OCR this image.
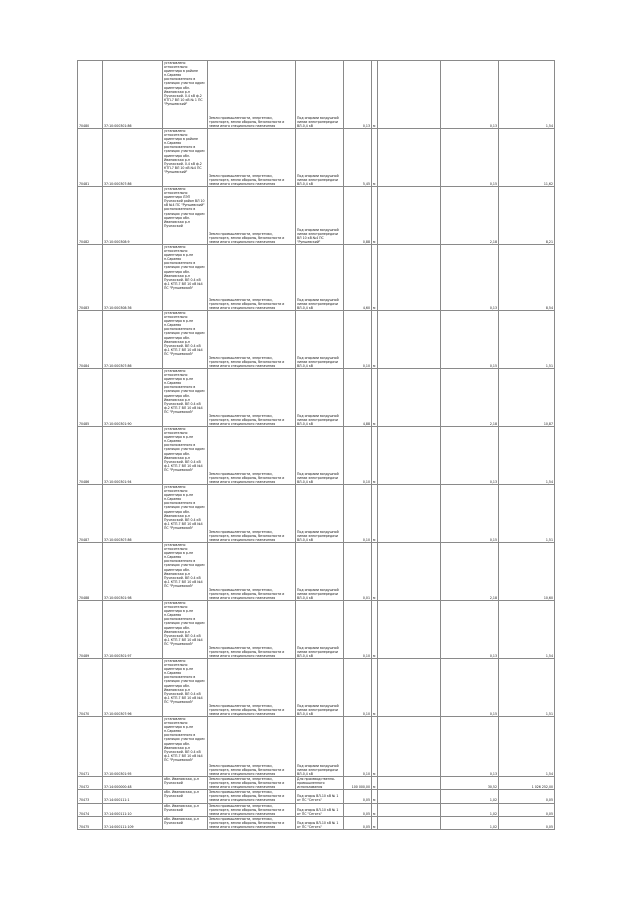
70480	37:10:000301:86	установлено относительно ориентира в районе п.Сараево расположенного в границах участка адрес ориентира обл. Ивановская р-н Пучежский. 0.4 кВ ф.2 КТП-7 ВЛ 10 кВ № 1 ПС "Рупшевский"	Земли промышленности, энергетики, транспорта, земли обороны, безопасности и земли иного специального назначения	Под опорами воздушной линии электропередачи ВЛ-0,4 кВ	0,13	м		0,13	1,54
70481	37:10:000307:86	установлено относительно ориентира в районе п.Сараево расположенного в границах участка адрес ориентира обл. Ивановская р-н Пучежский. 0.4 кВ ф.2 КТП-7 ВЛ 10 кВ №4 ПС "Рупшевский"	Земли промышленности, энергетики, транспорта, земли обороны, безопасности и земли иного специального назначения	Под опорами воздушной линии электропередачи ВЛ-0,4 кВ	5,45	м		0,15	11,62
70482	37:10:000308:9	установлено относительно ориентира ЛЭП Пучежский район ВЛ 10 кВ №4 ПС "Рупшевский" расположенного в границах участка адрес ориентира обл. Ивановская р-н Пучежский	Земли промышленности, энергетики, транспорта, земли обороны, безопасности и земли иного специального назначения	Под опорами воздушной линии электропередачи ВЛ 10 кВ №4 ПС "Рупшевский"	0,88	м		2,18	8,21
70483	37:10:000308:36	установлено относительно ориентира в р-не п.Сараево расположенного в границах участка адрес ориентира обл. Ивановская р-н Пучежский. ВЛ 0.4 кВ ф.1 КТП-7 ВЛ 10 кВ №4 ПС "Рупшевский"	Земли промышленности, энергетики, транспорта, земли обороны, безопасности и земли иного специального назначения	Под опорами воздушной линии электропередачи ВЛ-0,4 кВ	4,60	м		0,13	8,54
70484	37:10:000307:86	установлено относительно ориентира в р-не п.Сараево расположенного в границах участка адрес ориентира обл. Ивановская р-н Пучежский. ВЛ 0.4 кВ ф.1 КТП-7 ВЛ 10 кВ №4 ПС "Рупшевский"	Земли промышленности, энергетики, транспорта, земли обороны, безопасности и земли иного специального назначения	Под опорами воздушной линии электропередачи ВЛ-0,4 кВ	0,10	м		0,15	1,51
70485	37:10:000301:90	установлено относительно ориентира в р-не п.Сараево расположенного в границах участка адрес ориентира обл. Ивановская р-н Пучежский. ВЛ 0.4 кВ ф.2 КТП-7 ВЛ 10 кВ №4 ПС "Рупшевский"	Земли промышленности, энергетики, транспорта, земли обороны, безопасности и земли иного специального назначения	Под опорами воздушной линии электропередачи ВЛ-0,4 кВ	4,88	м		2,18	10,87
70486	37:10:000301:94	установлено относительно ориентира в р-не п.Сараево расположенного в границах участка адрес ориентира обл. Ивановская р-н Пучежский. ВЛ 0.4 кВ ф.1 КТП-7 ВЛ 10 кВ №4 ПС "Рупшевский"	Земли промышленности, энергетики, транспорта, земли обороны, безопасности и земли иного специального назначения	Под опорами воздушной линии электропередачи ВЛ-0,4 кВ	0,10	м		0,13	1,54
70487	37:10:000307:86	установлено относительно ориентира в р-не п.Сараево расположенного в границах участка адрес ориентира обл. Ивановская р-н Пучежский. ВЛ 0.4 кВ ф.1 КТП-7 ВЛ 10 кВ №4 ПС "Рупшевский"	Земли промышленности, энергетики, транспорта, земли обороны, безопасности и земли иного специального назначения	Под опорами воздушной линии электропередачи ВЛ-0,4 кВ	0,10	м		0,15	1,51
70488	37:10:000301:98	установлено относительно ориентира в р-не п.Сараево расположенного в границах участка адрес ориентира обл. Ивановская р-н Пучежский. ВЛ 0.4 кВ ф.1 КТП-7 ВЛ 10 кВ №4 ПС "Рупшевский"	Земли промышленности, энергетики, транспорта, земли обороны, безопасности и земли иного специального назначения	Под опорами воздушной линии электропередачи ВЛ-0,4 кВ	0,01	м		2,18	10,60
70489	37:10:000301:97	установлено относительно ориентира в р-не п.Сараево расположенного в границах участка адрес ориентира обл. Ивановская р-н Пучежский. ВЛ 0.4 кВ ф.1 КТП-7 ВЛ 10 кВ №4 ПС "Рупшевский"	Земли промышленности, энергетики, транспорта, земли обороны, безопасности и земли иного специального назначения	Под опорами воздушной линии электропередачи ВЛ-0,4 кВ	0,10	м		0,13	1,54
70470	37:10:000307:96	установлено относительно ориентира в р-не п.Сараево расположенного в границах участка адрес ориентира обл. Ивановская р-н Пучежский. ВЛ 0.4 кВ ф.1 КТП-7 ВЛ 10 кВ №4 ПС "Рупшевский"	Земли промышленности, энергетики, транспорта, земли обороны, безопасности и земли иного специального назначения	Под опорами воздушной линии электропередачи ВЛ-0,4 кВ	0,10	м		0,15	1,51
70471	37:10:000301:95	установлено относительно ориентира в р-не п.Сараево расположенного в границах участка адрес ориентира обл. Ивановская р-н Пучежский. ВЛ 0.4 кВ ф.1 КТП-7 ВЛ 10 кВ №4 ПС "Рупшевский"	Земли промышленности, энергетики, транспорта, земли обороны, безопасности и земли иного специального назначения	Под опорами воздушной линии электропередачи ВЛ-0,4 кВ	0,10	м		0,13	1,54
70472	37:14:000000:48	обл. Ивановская, р-н Пучежский	Земли промышленности, энергетики, транспорта, земли обороны, безопасности и земли иного специального назначения	Для производственно-промышленного использования	100 000,00	м		30,52	1 026 252,00
70473	37:14:000111:1	обл. Ивановская, р-н Пучежский	Земли промышленности, энергетики, транспорта, земли обороны, безопасности и земли иного специального назначения	Под опоры ВЛ-10 кВ № 1 от ПС "Сеготь"	0,05	м		1,02	0,05
70474	37:14:000111:10	обл. Ивановская, р-н Пучежский	Земли промышленности, энергетики, транспорта, земли обороны, безопасности и земли иного специального назначения	Под опоры ВЛ-10 кВ № 1 от ПС "Сеготь"	0,05	м		1,02	0,05
70475	37:14:000111:109	обл. Ивановская, р-н Пучежский	Земли промышленности, энергетики, транспорта, земли обороны, безопасности и земли иного специального назначения	Под опоры ВЛ-10 кВ № 1 от ПС "Сеготь"	0,05	м		1,02	0,05
